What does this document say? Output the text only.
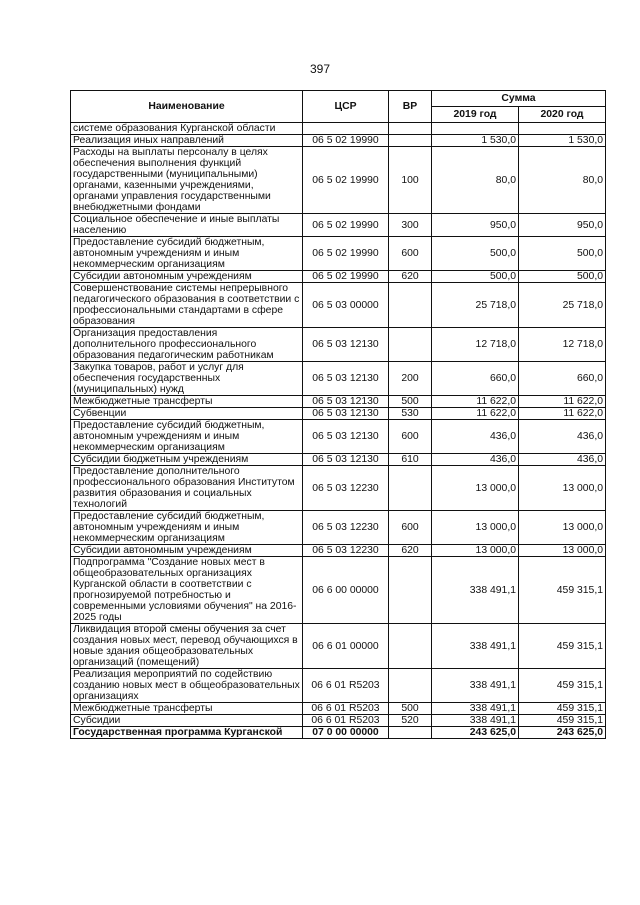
397
Наименование	ЦСР	ВР	Сумма	
			2019 год	2020 год
системе образования Курганской области				
Реализация иных направлений	06 5 02 19990		1 530,0	1 530,0
Расходы на выплаты персоналу в целях обеспечения выполнения функций государственными (муниципальными) органами, казенными учреждениями, органами управления государственными внебюджетными фондами	06 5 02 19990	100	80,0	80,0
Социальное обеспечение и иные выплаты населению	06 5 02 19990	300	950,0	950,0
Предоставление субсидий бюджетным, автономным учреждениям и иным некоммерческим организациям	06 5 02 19990	600	500,0	500,0
Субсидии автономным учреждениям	06 5 02 19990	620	500,0	500,0
Совершенствование системы непрерывного педагогического образования в соответствии с профессиональными стандартами в сфере образования	06 5 03 00000		25 718,0	25 718,0
Организация предоставления дополнительного профессионального образования педагогическим работникам	06 5 03 12130		12 718,0	12 718,0
Закупка товаров, работ и услуг для обеспечения государственных (муниципальных) нужд	06 5 03 12130	200	660,0	660,0
Межбюджетные трансферты	06 5 03 12130	500	11 622,0	11 622,0
Субвенции	06 5 03 12130	530	11 622,0	11 622,0
Предоставление субсидий бюджетным, автономным учреждениям и иным некоммерческим организациям	06 5 03 12130	600	436,0	436,0
Субсидии бюджетным учреждениям	06 5 03 12130	610	436,0	436,0
Предоставление дополнительного профессионального образования Институтом развития образования и социальных технологий	06 5 03 12230		13 000,0	13 000,0
Предоставление субсидий бюджетным, автономным учреждениям и иным некоммерческим организациям	06 5 03 12230	600	13 000,0	13 000,0
Субсидии автономным учреждениям	06 5 03 12230	620	13 000,0	13 000,0
Подпрограмма "Создание новых мест в общеобразовательных организациях Курганской области в соответствии с прогнозируемой потребностью и современными условиями обучения" на 2016-2025 годы	06 6 00 00000		338 491,1	459 315,1
Ликвидация второй смены обучения за счет создания новых мест, перевод обучающихся в новые здания общеобразовательных организаций (помещений)	06 6 01 00000		338 491,1	459 315,1
Реализация мероприятий по содействию созданию новых мест в общеобразовательных организациях	06 6 01 R5203		338 491,1	459 315,1
Межбюджетные трансферты	06 6 01 R5203	500	338 491,1	459 315,1
Субсидии	06 6 01 R5203	520	338 491,1	459 315,1
Государственная программа Курганской	07 0 00 00000		243 625,0	243 625,0
